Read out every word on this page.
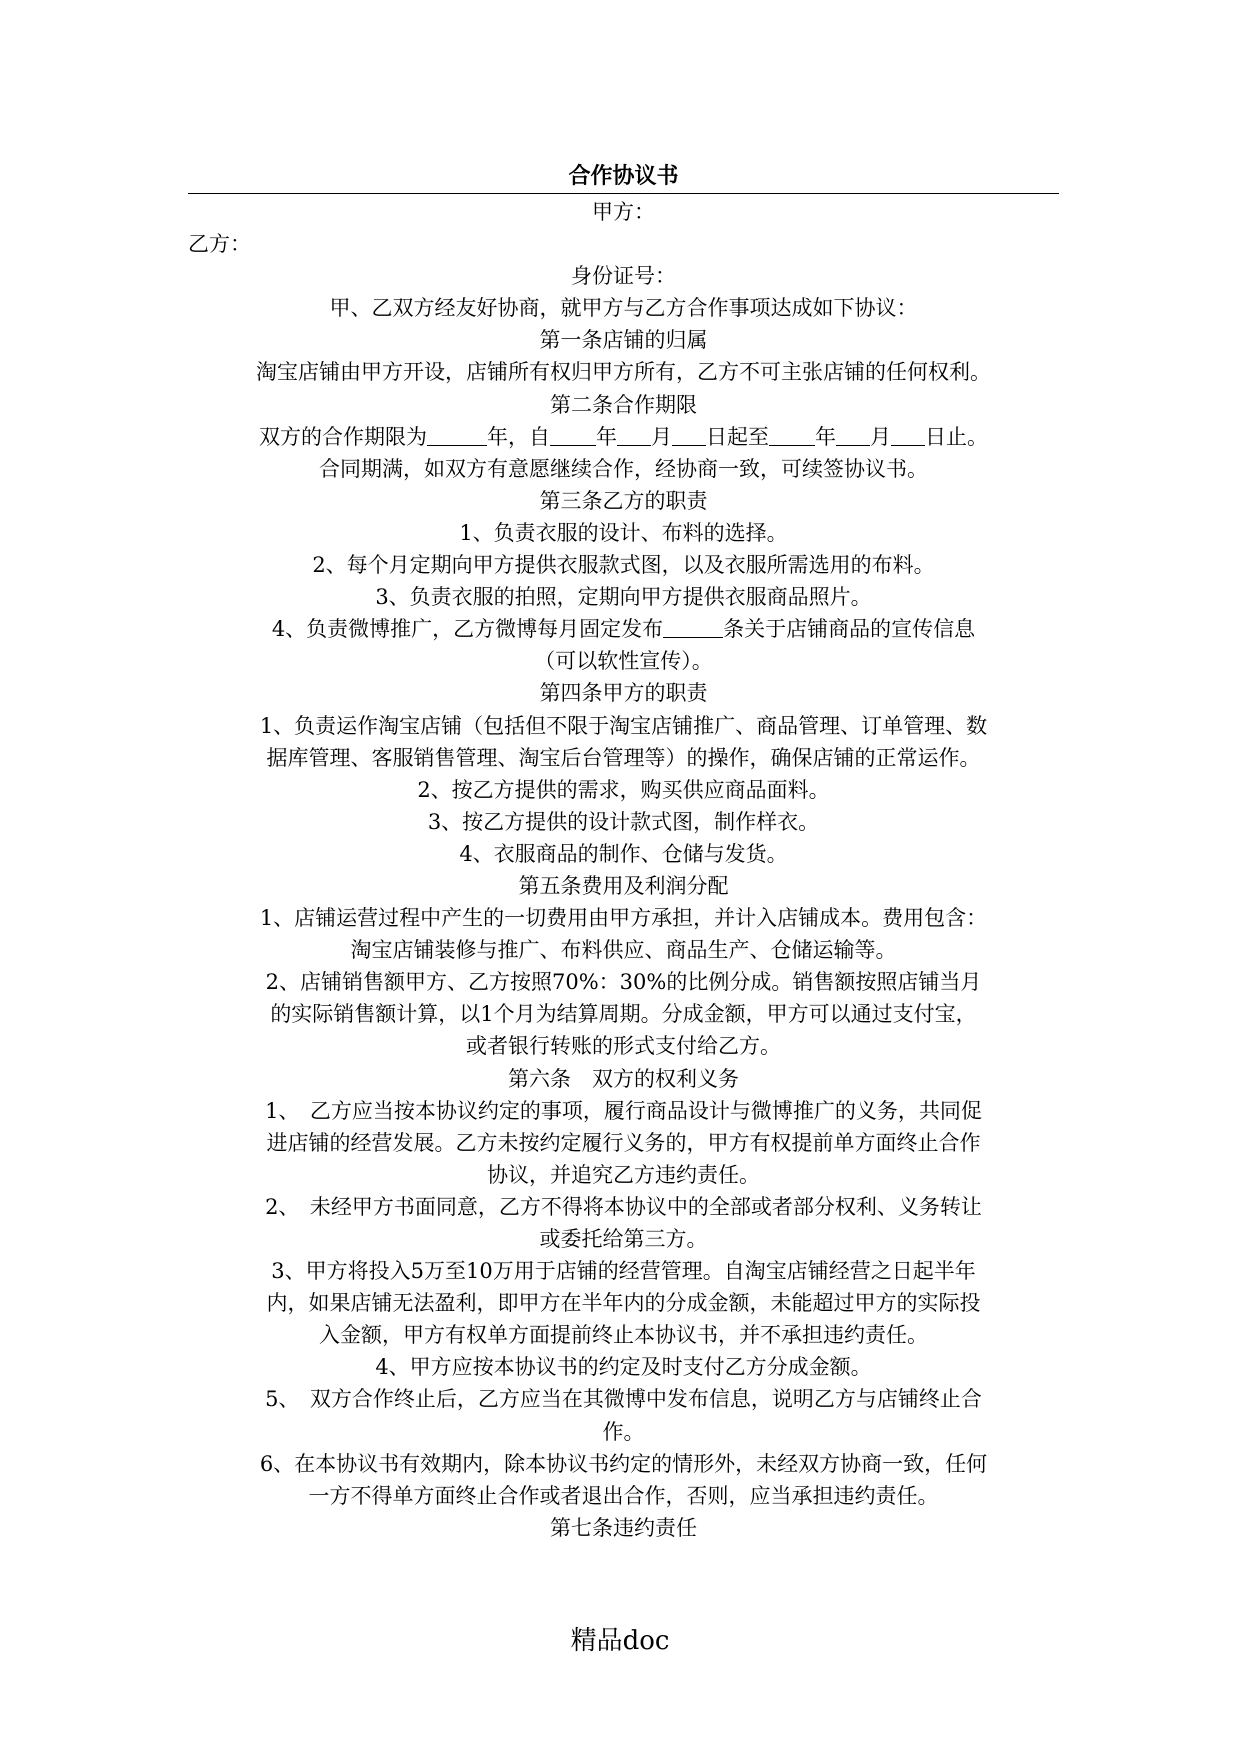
合作协议书

甲方：

乙方：

身份证号：

甲、乙双方经友好协商，就甲方与乙方合作事项达成如下协议：

第一条店铺的归属

淘宝店铺由甲方开设，店铺所有权归甲方所有，乙方不可主张店铺的任何权利。

第二条合作期限

双方的合作期限为	年，自 年 月 日起至 年 月 日止。

合同期满，如双方有意愿继续合作，经协商一致，可续签协议书。

第三条乙方的职责

1、负责衣服的设计、布料的选择。

2、每个月定期向甲方提供衣服款式图，以及衣服所需选用的布料。

3、负责衣服的拍照，定期向甲方提供衣服商品照片。

4、负责微博推广，乙方微博每月固定发布	条关于店铺商品的宣传信息

（可以软性宣传）。

第四条甲方的职责

1、负责运作淘宝店铺（包括但不限于淘宝店铺推广、商品管理、订单管理、数

据库管理、客服销售管理、淘宝后台管理等）的操作，确保店铺的正常运作。

2、按乙方提供的需求，购买供应商品面料。

3、按乙方提供的设计款式图，制作样衣。

4、衣服商品的制作、仓储与发货。

第五条费用及利润分配

1、店铺运营过程中产生的一切费用由甲方承担，并计入店铺成本。费用包含：

淘宝店铺装修与推广、布料供应、商品生产、仓储运输等。

2、店铺销售额甲方、乙方按照70%：30%的比例分成。销售额按照店铺当月

的实际销售额计算，以1个月为结算周期。分成金额，甲方可以通过支付宝，

或者银行转账的形式支付给乙方。

第六条　双方的权利义务

1、　乙方应当按本协议约定的事项，履行商品设计与微博推广的义务，共同促

进店铺的经营发展。乙方未按约定履行义务的，甲方有权提前单方面终止合作

协议，并追究乙方违约责任。

2、　未经甲方书面同意，乙方不得将本协议中的全部或者部分权利、义务转让

或委托给第三方。

3、甲方将投入5万至10万用于店铺的经营管理。自淘宝店铺经营之日起半年

内，如果店铺无法盈利，即甲方在半年内的分成金额，未能超过甲方的实际投

入金额，甲方有权单方面提前终止本协议书，并不承担违约责任。

4、甲方应按本协议书的约定及时支付乙方分成金额。

5、　双方合作终止后，乙方应当在其微博中发布信息，说明乙方与店铺终止合

作。

6、在本协议书有效期内，除本协议书约定的情形外，未经双方协商一致，任何

一方不得单方面终止合作或者退出合作，否则，应当承担违约责任。

第七条违约责任

精品doc
